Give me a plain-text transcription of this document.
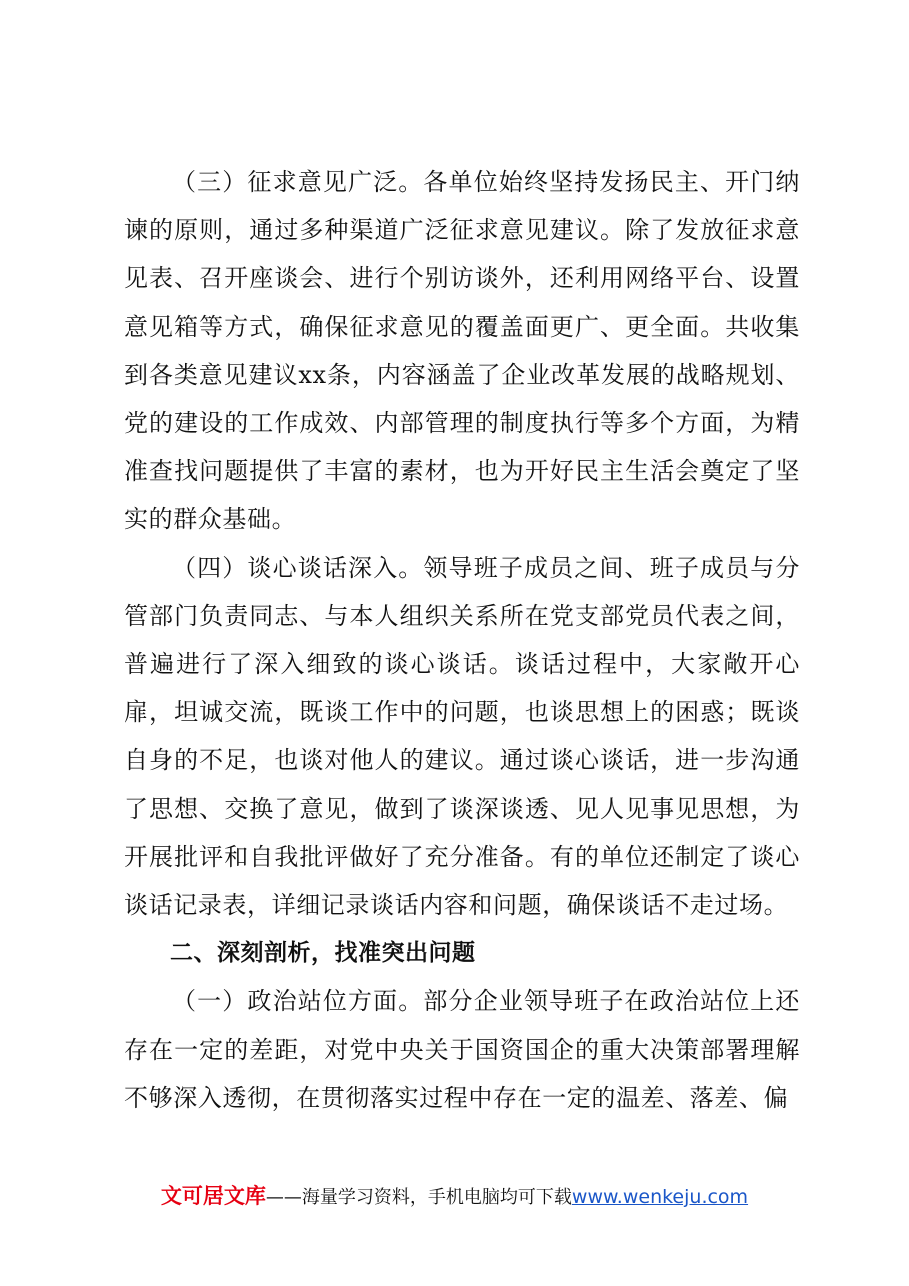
（三）征求意见广泛。各单位始终坚持发扬民主、开门纳谏的原则，通过多种渠道广泛征求意见建议。除了发放征求意见表、召开座谈会、进行个别访谈外，还利用网络平台、设置意见箱等方式，确保征求意见的覆盖面更广、更全面。共收集到各类意见建议xx条，内容涵盖了企业改革发展的战略规划、党的建设的工作成效、内部管理的制度执行等多个方面，为精准查找问题提供了丰富的素材，也为开好民主生活会奠定了坚实的群众基础。

（四）谈心谈话深入。领导班子成员之间、班子成员与分管部门负责同志、与本人组织关系所在党支部党员代表之间，普遍进行了深入细致的谈心谈话。谈话过程中，大家敞开心扉，坦诚交流，既谈工作中的问题，也谈思想上的困惑；既谈自身的不足，也谈对他人的建议。通过谈心谈话，进一步沟通了思想、交换了意见，做到了谈深谈透、见人见事见思想，为开展批评和自我批评做好了充分准备。有的单位还制定了谈心谈话记录表，详细记录谈话内容和问题，确保谈话不走过场。

二、深刻剖析，找准突出问题

（一）政治站位方面。部分企业领导班子在政治站位上还存在一定的差距，对党中央关于国资国企的重大决策部署理解不够深入透彻，在贯彻落实过程中存在一定的温差、落差、偏

文可居文库——海量学习资料，手机电脑均可下载www.wenkeju.com
